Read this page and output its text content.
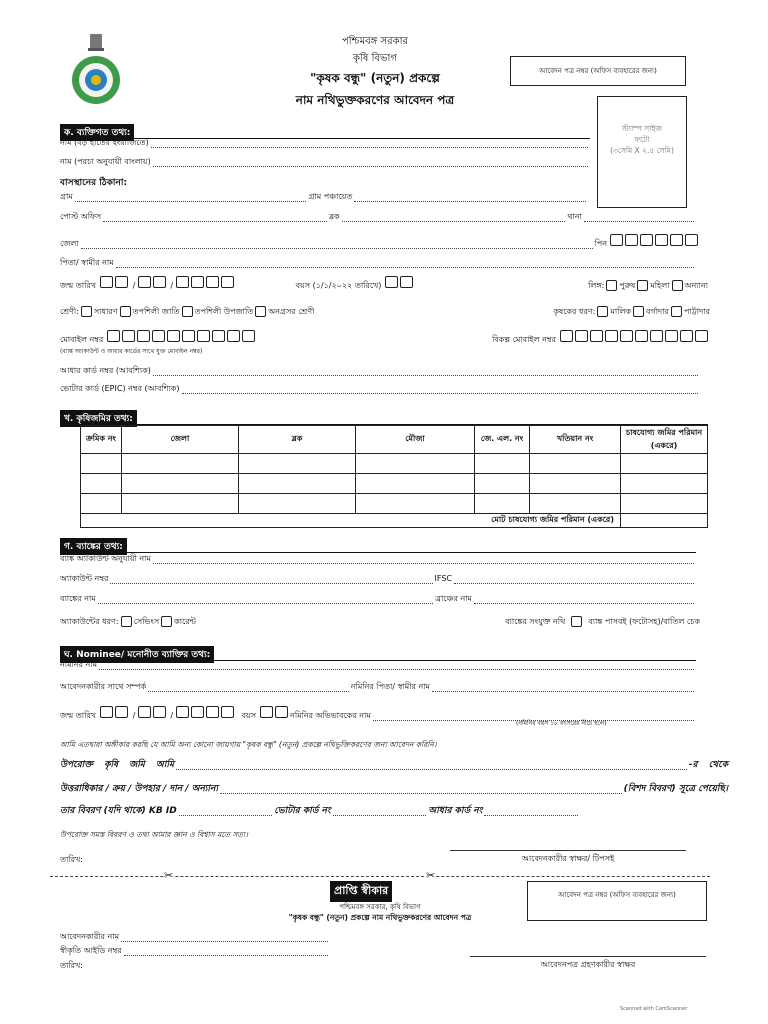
পশ্চিমবঙ্গ সরকার
কৃষি বিভাগ
"কৃষক বন্ধু" (নতুন) প্রকল্পে
নাম নথিভুক্তকরণের আবেদন পত্র
আবেদন পত্র নম্বর (অফিস ব্যবহারের জন্য)
স্ট্যাম্প সাইজ
ফটো
(৩সেমি X ২.৫ সেমি)
ক. ব্যক্তিগত তথ্য:
নাম (বড় হাতের ইংরাজিতে)
নাম (পরচা অনুযায়ী বাংলায়)
বাসস্থানের ঠিকানা:
গ্রাম	গ্রাম পঞ্চায়েত
পোস্ট অফিস	ব্লক	থানা
জেলা	পিন
পিতা/ স্বামীর নাম
জন্ম তারিখ	/	/	বয়স (১/১/২০২২ তারিখে)	লিঙ্গ: পুরুষ মহিলা অন্যান্য
শ্রেণী: সাধারণ তপশিলী জাতি তপশিলী উপজাতি অনগ্রসর শ্রেণী	কৃষকের ধরণ: মালিক বর্গাদার পাট্টাদার
মোবাইল নম্বর	বিকল্প মোবাইল নম্বর
(ব্যাঙ্ক অ্যাকাউন্ট ও আধার কার্ডের সাথে যুক্ত মোবাইল নম্বর)
আধার কার্ড নম্বর (আবশ্যিক)
ভোটার কার্ড (EPIC) নম্বর (আবশ্যিক)
খ. কৃষিজমির তথ্য:
ক্রমিক নং	জেলা	ব্লক	মৌজা	জে. এল. নং	খতিয়ান নং	চাষযোগ্য জমির পরিমান (একরে)

মোট চাষযোগ্য জমির পরিমান (একরে)						
গ. ব্যাঙ্কের তথ্য:
ব্যাঙ্ক অ্যাকাউন্ট অনুযায়ী নাম
অ্যাকাউন্ট নম্বর	IFSC
ব্যাঙ্কের নাম	ব্রাঞ্চের নাম
অ্যাকাউন্টের ধরণ: সেভিংস কারেন্ট	ব্যাঙ্কের সংযুক্ত নথি	ব্যাঙ্ক পাসবই (ফটোসহ)/বাতিল চেক
ঘ. Nominee/ মনোনীত ব্যাক্তির তথ্য:
নমিনির নাম
আবেদনকারীর সাথে সম্পর্ক	নমিনির পিতা/ স্বামীর নাম
জন্ম তারিখ	/	/	বয়স	নমিনির অভিভাবকের নাম
(নমিনির বয়স ১৮ বৎসরের নীচে হলে)
আমি এতদ্বারা অঙ্গীকার করছি যে আমি অন্য কোনো জায়গায় "কৃষক বন্ধু" (নতুন) প্রকল্পে নথিভুক্তিকরণের জন্য আবেদন করিনি।
উপরোক্ত কৃষি জমি আমি	-র থেকে
উত্তরাধিকার / ক্রয় / উপহার / দান / অন্যান্য	(বিশদ বিবরণ) সূত্রে পেয়েছি।
তার বিবরণ (যদি থাকে) KB ID	ভোটার কার্ড নং	আধার কার্ড নং
উপরোক্ত সমস্ত বিবরণ ও তথ্য আমার জ্ঞান ও বিশ্বাস মতে সত্য।
তারিখ:	আবেদনকারীর স্বাক্ষর/ টিপসই
✂	✂
প্রাপ্তি স্বীকার
পশ্চিমবঙ্গ সরকার, কৃষি বিভাগ
"কৃষক বন্ধু" (নতুন) প্রকল্পে নাম নথিভুক্তকরণের আবেদন পত্র
আবেদন পত্র নম্বর (অফিস ব্যবহারের জন্য)
আবেদনকারীর নাম
স্বীকৃতি আইডি নম্বর
তারিখ:	আবেদনপত্র গ্রহণকারীর স্বাক্ষর
Scanned with CamScanner
